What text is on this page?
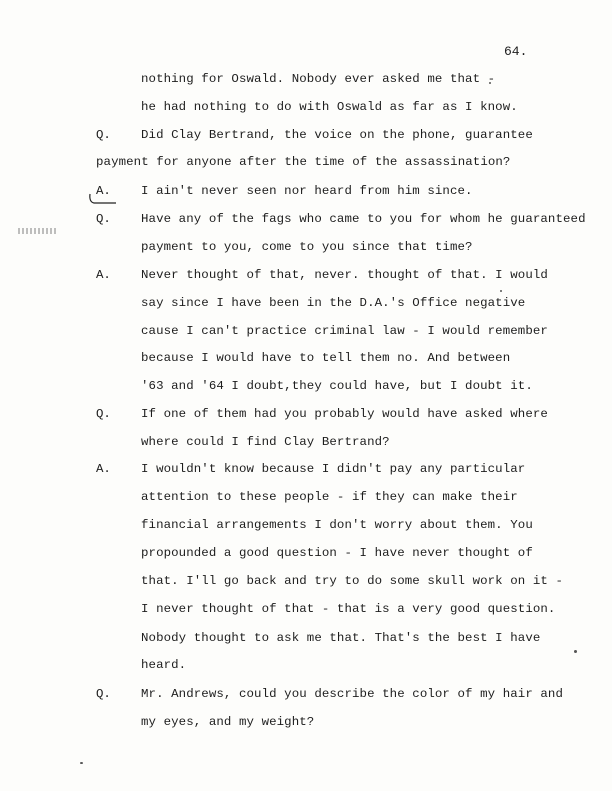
64.
nothing for Oswald. Nobody ever asked me that -
he had nothing to do with Oswald as far as I know.
Q. Did Clay Bertrand, the voice on the phone, guarantee
payment for anyone after the time of the assassination?
A. I ain't never seen nor heard from him since.
Q. Have any of the fags who came to you for whom he guaranteed
payment to you, come to you since that time?
A. Never thought of that, never. thought of that. I would
say since I have been in the D.A.'s Office negative
cause I can't practice criminal law - I would remember
because I would have to tell them no. And between
'63 and '64 I doubt,they could have, but I doubt it.
Q. If one of them had you probably would have asked where
where could I find Clay Bertrand?
A. I wouldn't know because I didn't pay any particular
attention to these people - if they can make their
financial arrangements I don't worry about them. You
propounded a good question - I have never thought of
that. I'll go back and try to do some skull work on it -
I never thought of that - that is a very good question.
Nobody thought to ask me that. That's the best I have
heard.
Q. Mr. Andrews, could you describe the color of my hair and
my eyes, and my weight?
